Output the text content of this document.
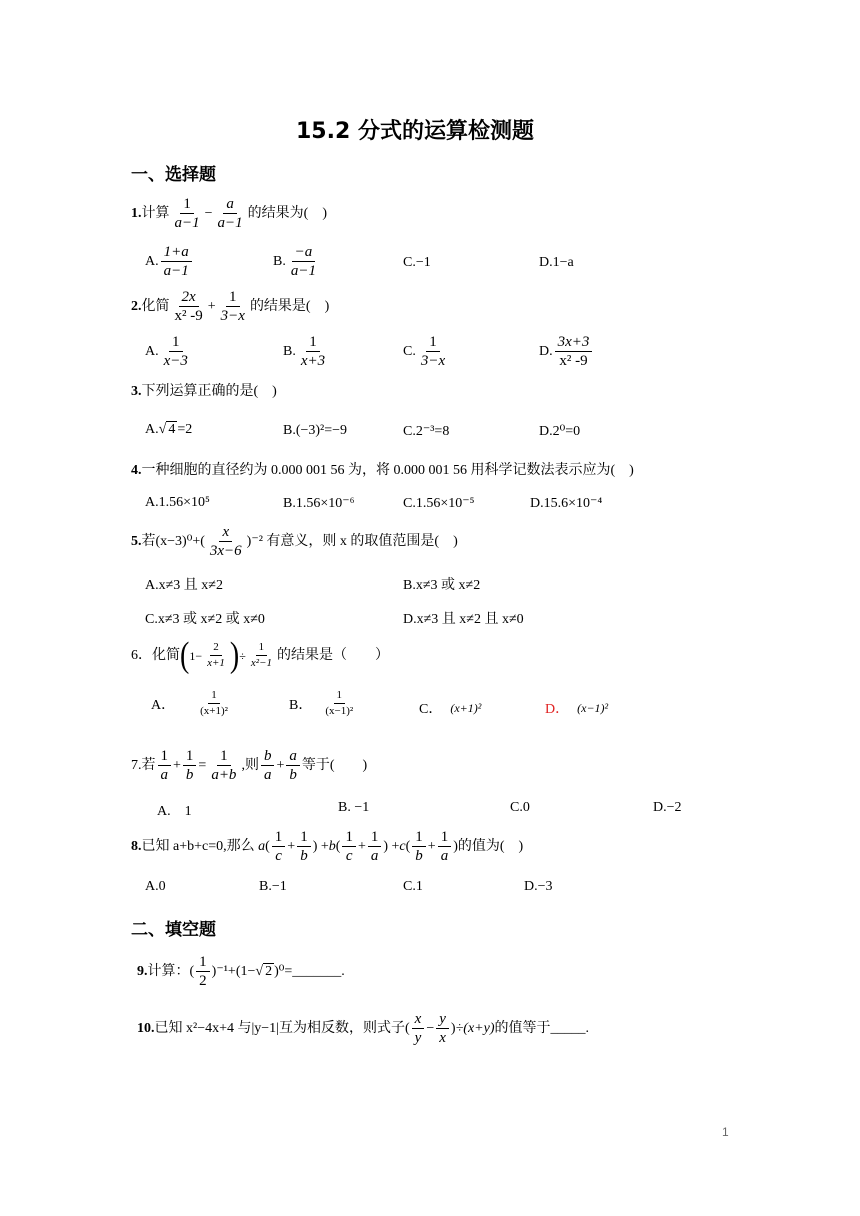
15.2 分式的运算检测题
一、选择题
1. 计算 $\frac{1}{a-1} - \frac{a}{a-1}$ 的结果为(　)
A. $\frac{1+a}{a-1}$	B. $\frac{-a}{a-1}$	C.−1	D.1−a
2. 化简 $\frac{2x}{\text{x² -9}} + \frac{1}{3-x}$ 的结果是(　)
A. $\frac{1}{x-3}$	B. $\frac{1}{x+3}$	C. $\frac{1}{3-x}$	D. $\frac{3x+3}{\text{x² -9}}$
3. 下列运算正确的是(　)
A. √ 4 =2	B.(−3)²=−9	C.2⁻³=8	D.2⁰=0
4. 一种细胞的直径约为 0.000 001 56 为，将 0.000 001 56 用科学记数法表示应为(　)
A.1.56×10⁵	B.1.56×10⁻⁶	C.1.56×10⁻⁵	D.15.6×10⁻⁴
5. 若$(x-3)^0+( \frac{x}{3x-6} )^{-2}$ 有意义，则 x 的取值范围是(　)
A.x≠3 且 x≠2	B.x≠3 或 x≠2
C.x≠3 或 x≠2 或 x≠0	D.x≠3 且 x≠2 且 x≠0
6．化简 ( $1- \frac{2}{x+1}$ ) ÷ $\frac{1}{\text{x²−1}}$ 的结果是（　　）
A． $\frac{1}{\text{(x+1)²}}$	B． $\frac{1}{\text{(x−1)²}}$	C． (x+1)²	D． (x−1)²
7.若 $\frac{1}{a} + \frac{1}{b} = \frac{1}{a+b}$ ,则 $\frac{b}{a} + \frac{a}{b}$ 等于(　　)
A.　1	B. −1	C.0	D.−2
8. 已知 a+b+c=0,那么 a ( $\frac{1}{c} + \frac{1}{b}$ ) + b ( $\frac{1}{c} + \frac{1}{a}$ ) + c ( $\frac{1}{b} + \frac{1}{a}$ ) 的值为(　)
A.0	B.−1	C.1	D.−3
二、填空题
9. 计算：( $\frac{1}{2} )^{-1}+(1-$ √ 2 )⁰=_______.
10. 已知 x²−4x+4 与|y−1|互为相反数，则式子 ( $\frac{x}{y} - \frac{y}{x}$ ) ÷(x+y) 的值等于_____.
1
